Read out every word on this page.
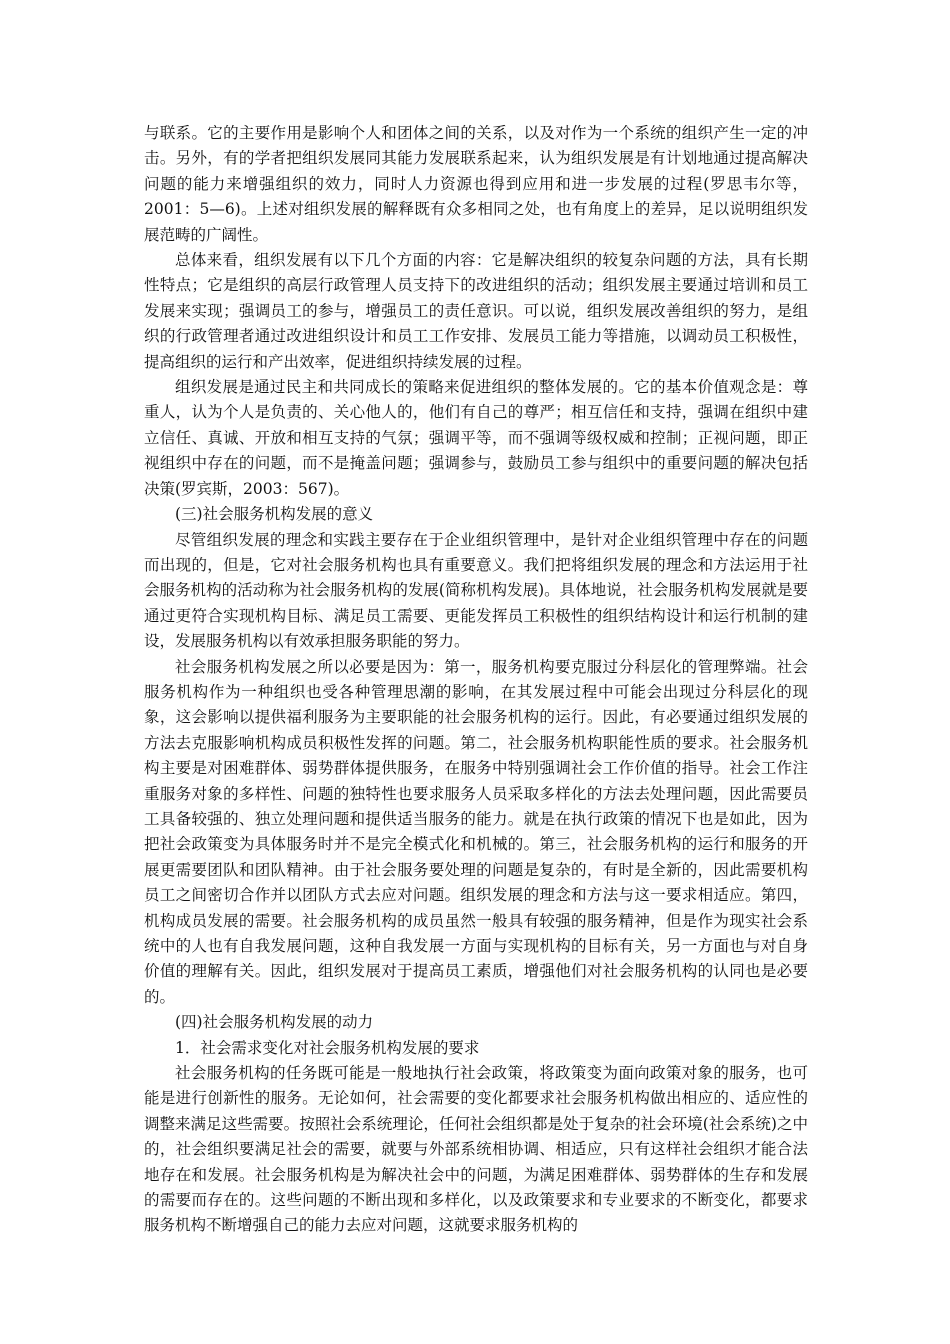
与联系。它的主要作用是影响个人和团体之间的关系，以及对作为一个系统的组织产生一定的冲击。另外，有的学者把组织发展同其能力发展联系起来，认为组织发展是有计划地通过提高解决问题的能力来增强组织的效力，同时人力资源也得到应用和进一步发展的过程(罗思韦尔等，2001：5—6)。上述对组织发展的解释既有众多相同之处，也有角度上的差异，足以说明组织发展范畴的广阔性。

总体来看，组织发展有以下几个方面的内容：它是解决组织的较复杂问题的方法，具有长期性特点；它是组织的高层行政管理人员支持下的改进组织的活动；组织发展主要通过培训和员工发展来实现；强调员工的参与，增强员工的责任意识。可以说，组织发展改善组织的努力，是组织的行政管理者通过改进组织设计和员工工作安排、发展员工能力等措施，以调动员工积极性，提高组织的运行和产出效率，促进组织持续发展的过程。

组织发展是通过民主和共同成长的策略来促进组织的整体发展的。它的基本价值观念是：尊重人，认为个人是负责的、关心他人的，他们有自己的尊严；相互信任和支持，强调在组织中建立信任、真诚、开放和相互支持的气氛；强调平等，而不强调等级权威和控制；正视问题，即正视组织中存在的问题，而不是掩盖问题；强调参与，鼓励员工参与组织中的重要问题的解决包括决策(罗宾斯，2003：567)。

(三)社会服务机构发展的意义

尽管组织发展的理念和实践主要存在于企业组织管理中，是针对企业组织管理中存在的问题而出现的，但是，它对社会服务机构也具有重要意义。我们把将组织发展的理念和方法运用于社会服务机构的活动称为社会服务机构的发展(简称机构发展)。具体地说，社会服务机构发展就是要通过更符合实现机构目标、满足员工需要、更能发挥员工积极性的组织结构设计和运行机制的建设，发展服务机构以有效承担服务职能的努力。

社会服务机构发展之所以必要是因为：第一，服务机构要克服过分科层化的管理弊端。社会服务机构作为一种组织也受各种管理思潮的影响，在其发展过程中可能会出现过分科层化的现象，这会影响以提供福利服务为主要职能的社会服务机构的运行。因此，有必要通过组织发展的方法去克服影响机构成员积极性发挥的问题。第二，社会服务机构职能性质的要求。社会服务机构主要是对困难群体、弱势群体提供服务，在服务中特别强调社会工作价值的指导。社会工作注重服务对象的多样性、问题的独特性也要求服务人员采取多样化的方法去处理问题，因此需要员工具备较强的、独立处理问题和提供适当服务的能力。就是在执行政策的情况下也是如此，因为把社会政策变为具体服务时并不是完全模式化和机械的。第三，社会服务机构的运行和服务的开展更需要团队和团队精神。由于社会服务要处理的问题是复杂的，有时是全新的，因此需要机构员工之间密切合作并以团队方式去应对问题。组织发展的理念和方法与这一要求相适应。第四，机构成员发展的需要。社会服务机构的成员虽然一般具有较强的服务精神，但是作为现实社会系统中的人也有自我发展问题，这种自我发展一方面与实现机构的目标有关，另一方面也与对自身价值的理解有关。因此，组织发展对于提高员工素质，增强他们对社会服务机构的认同也是必要的。

(四)社会服务机构发展的动力

1．社会需求变化对社会服务机构发展的要求

社会服务机构的任务既可能是一般地执行社会政策，将政策变为面向政策对象的服务，也可能是进行创新性的服务。无论如何，社会需要的变化都要求社会服务机构做出相应的、适应性的调整来满足这些需要。按照社会系统理论，任何社会组织都是处于复杂的社会环境(社会系统)之中的，社会组织要满足社会的需要，就要与外部系统相协调、相适应，只有这样社会组织才能合法地存在和发展。社会服务机构是为解决社会中的问题，为满足困难群体、弱势群体的生存和发展的需要而存在的。这些问题的不断出现和多样化，以及政策要求和专业要求的不断变化，都要求服务机构不断增强自己的能力去应对问题，这就要求服务机构的
